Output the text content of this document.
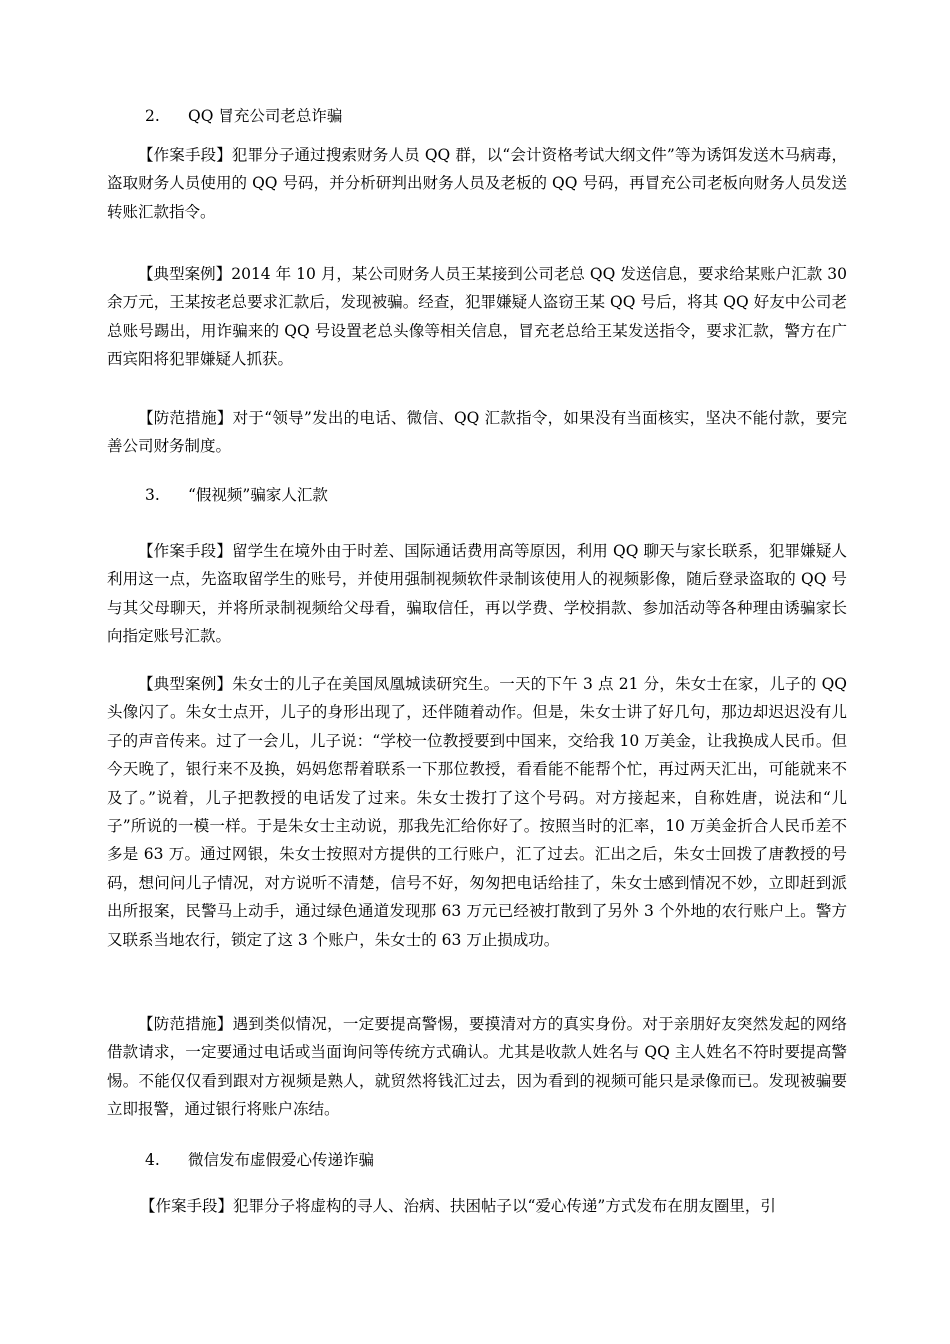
2. QQ 冒充公司老总诈骗

【作案手段】犯罪分子通过搜索财务人员 QQ 群，以“会计资格考试大纲文件”等为诱饵发送木马病毒，盗取财务人员使用的 QQ 号码，并分析研判出财务人员及老板的 QQ 号码，再冒充公司老板向财务人员发送转账汇款指令。

【典型案例】2014 年 10 月，某公司财务人员王某接到公司老总 QQ 发送信息，要求给某账户汇款 30 余万元，王某按老总要求汇款后，发现被骗。经查，犯罪嫌疑人盗窃王某 QQ 号后，将其 QQ 好友中公司老总账号踢出，用诈骗来的 QQ 号设置老总头像等相关信息，冒充老总给王某发送指令，要求汇款，警方在广西宾阳将犯罪嫌疑人抓获。

【防范措施】对于“领导”发出的电话、微信、QQ 汇款指令，如果没有当面核实，坚决不能付款，要完善公司财务制度。

3. “假视频”骗家人汇款

【作案手段】留学生在境外由于时差、国际通话费用高等原因，利用 QQ 聊天与家长联系，犯罪嫌疑人利用这一点，先盗取留学生的账号，并使用强制视频软件录制该使用人的视频影像，随后登录盗取的 QQ 号与其父母聊天，并将所录制视频给父母看，骗取信任，再以学费、学校捐款、参加活动等各种理由诱骗家长向指定账号汇款。

【典型案例】朱女士的儿子在美国凤凰城读研究生。一天的下午 3 点 21 分，朱女士在家，儿子的 QQ 头像闪了。朱女士点开，儿子的身形出现了，还伴随着动作。但是，朱女士讲了好几句，那边却迟迟没有儿子的声音传来。过了一会儿，儿子说：“学校一位教授要到中国来，交给我 10 万美金，让我换成人民币。但今天晚了，银行来不及换，妈妈您帮着联系一下那位教授，看看能不能帮个忙，再过两天汇出，可能就来不及了。”说着，儿子把教授的电话发了过来。朱女士拨打了这个号码。对方接起来，自称姓唐，说法和“儿子”所说的一模一样。于是朱女士主动说，那我先汇给你好了。按照当时的汇率，10 万美金折合人民币差不多是 63 万。通过网银，朱女士按照对方提供的工行账户，汇了过去。汇出之后，朱女士回拨了唐教授的号码，想问问儿子情况，对方说听不清楚，信号不好，匆匆把电话给挂了，朱女士感到情况不妙，立即赶到派出所报案，民警马上动手，通过绿色通道发现那 63 万元已经被打散到了另外 3 个外地的农行账户上。警方又联系当地农行，锁定了这 3 个账户，朱女士的 63 万止损成功。

【防范措施】遇到类似情况，一定要提高警惕，要摸清对方的真实身份。对于亲朋好友突然发起的网络借款请求，一定要通过电话或当面询问等传统方式确认。尤其是收款人姓名与 QQ 主人姓名不符时要提高警惕。不能仅仅看到跟对方视频是熟人，就贸然将钱汇过去，因为看到的视频可能只是录像而已。发现被骗要立即报警，通过银行将账户冻结。

4. 微信发布虚假爱心传递诈骗

【作案手段】犯罪分子将虚构的寻人、治病、扶困帖子以“爱心传递”方式发布在朋友圈里，引
